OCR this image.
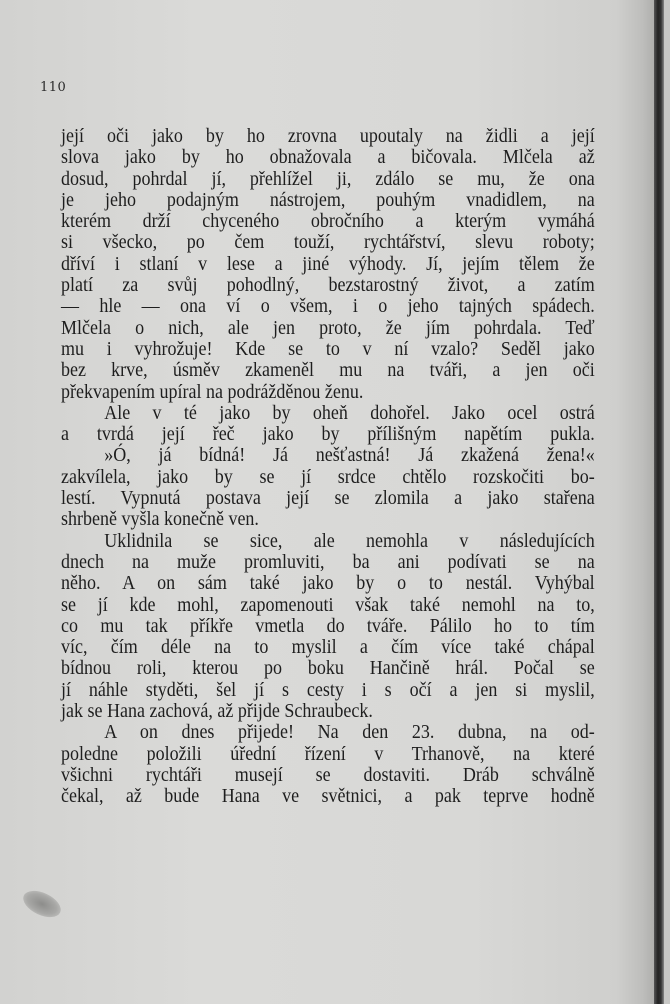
110
její oči jako by ho zrovna upoutaly na židli a její
slova jako by ho obnažovala a bičovala. Mlčela až
dosud, pohrdal jí, přehlížel ji, zdálo se mu, že ona
je jeho podajným nástrojem, pouhým vnadidlem, na
kterém drží chyceného obročního a kterým vymáhá
si všecko, po čem touží, rychtářství, slevu roboty;
dříví i stlaní v lese a jiné výhody. Jí, jejím tělem že
platí za svůj pohodlný, bezstarostný život, a zatím
— hle — ona ví o všem, i o jeho tajných spádech.
Mlčela o nich, ale jen proto, že jím pohrdala. Teď
mu i vyhrožuje! Kde se to v ní vzalo? Seděl jako
bez krve, úsměv zkameněl mu na tváři, a jen oči
překvapením upíral na podrážděnou ženu.
Ale v té jako by oheň dohořel. Jako ocel ostrá
a tvrdá její řeč jako by přílišným napětím pukla.
»Ó, já bídná! Já nešťastná! Já zkažená žena!«
zakvílela, jako by se jí srdce chtělo rozskočiti bo-
lestí. Vypnutá postava její se zlomila a jako stařena
shrbeně vyšla konečně ven.
Uklidnila se sice, ale nemohla v následujících
dnech na muže promluviti, ba ani podívati se na
něho. A on sám také jako by o to nestál. Vyhýbal
se jí kde mohl, zapomenouti však také nemohl na to,
co mu tak příkře vmetla do tváře. Pálilo ho to tím
víc, čím déle na to myslil a čím více také chápal
bídnou roli, kterou po boku Hančině hrál. Počal se
jí náhle styděti, šel jí s cesty i s očí a jen si myslil,
jak se Hana zachová, až přijde Schraubeck.
A on dnes přijede! Na den 23. dubna, na od-
poledne položili úřední řízení v Trhanově, na které
všichni rychtáři musejí se dostaviti. Dráb schválně
čekal, až bude Hana ve světnici, a pak teprve hodně
